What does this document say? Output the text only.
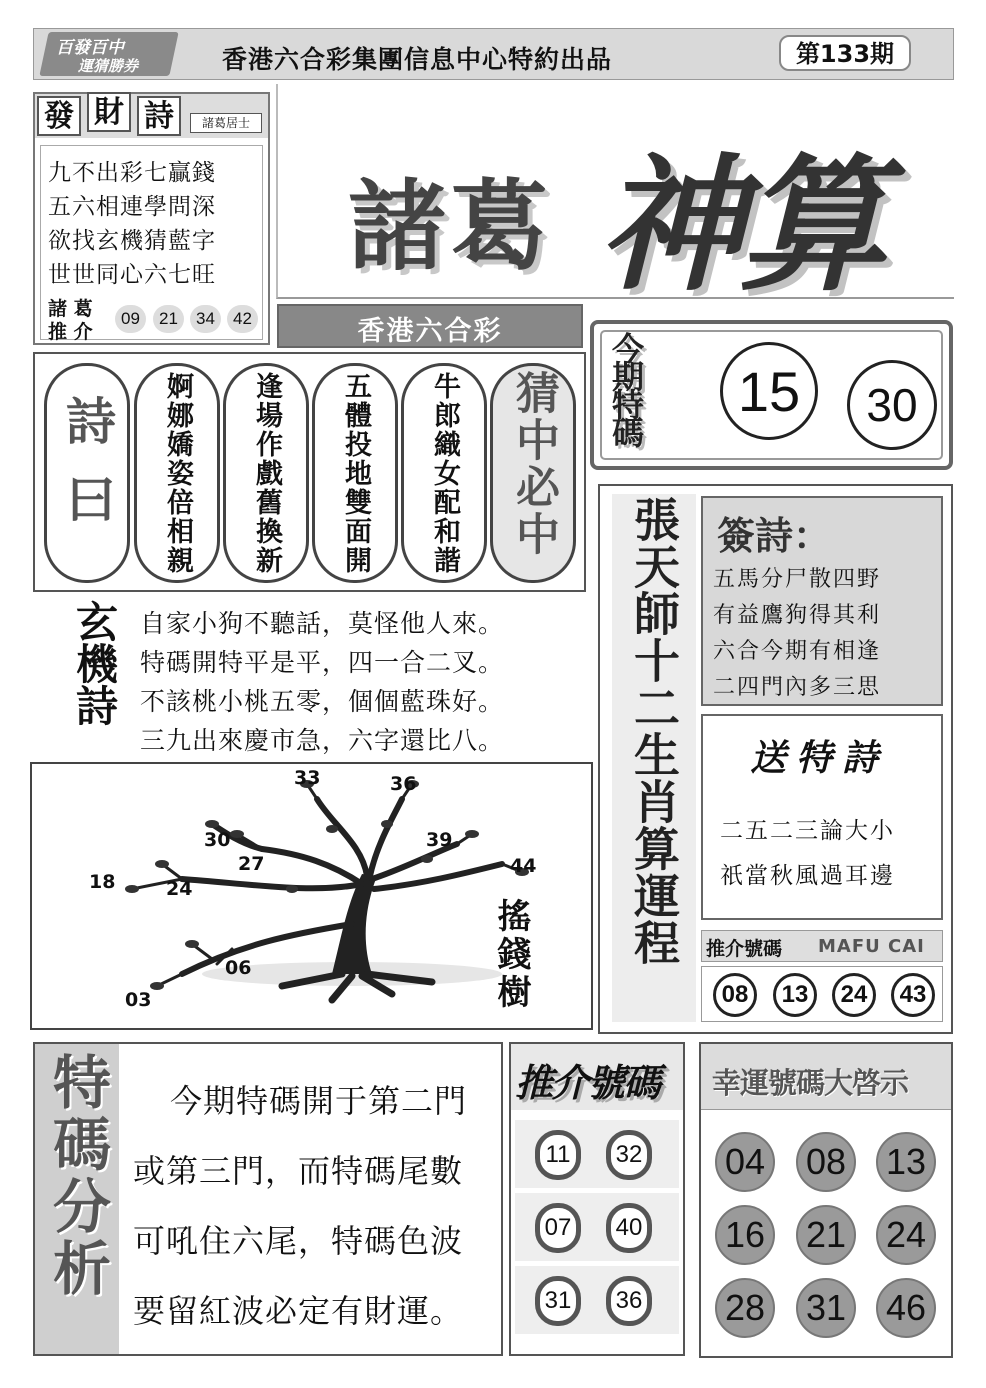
百發百中
運猜勝券	香港六合彩集團信息中心特約出品	第133期
發 財 詩	諸葛居士
九不出彩七贏錢
五六相連學問深
欲找玄機猜藍字
世世同心六七旺
諸 葛
推 介
09	21	34	42
諸葛 神算
香港六合彩
今期特碼	15	30
詩曰	婀娜嬌姿倍相親	逢場作戲舊換新	五體投地雙面開	牛郎織女配和諧 猜中必中
玄機詩 自家小狗不聽話，莫怪他人來。
特碼開特平是平，四一合二叉。
不該桃小桃五零，個個藍珠好。
三九出來慶市急，六字還比八。
33	36
30
27
39
44
18	24
06
03	搖錢樹 張天師十二生肖算運程 簽詩：
五馬分尸散四野
有益鷹狗得其利
六合今期有相逢
二四門內多三思
送特詩
二五二三論大小
祇當秋風過耳邊
推介號碼 MAFU CAI
08	13	24	43
特碼分析 今期特碼開于第二門
或第三門，而特碼尾數
可吼住六尾，特碼色波
要留紅波必定有財運。
推介號碼
11	32
07	40
31	36
幸運號碼大啓示
04 08 13
16 21 24
28 31 46
